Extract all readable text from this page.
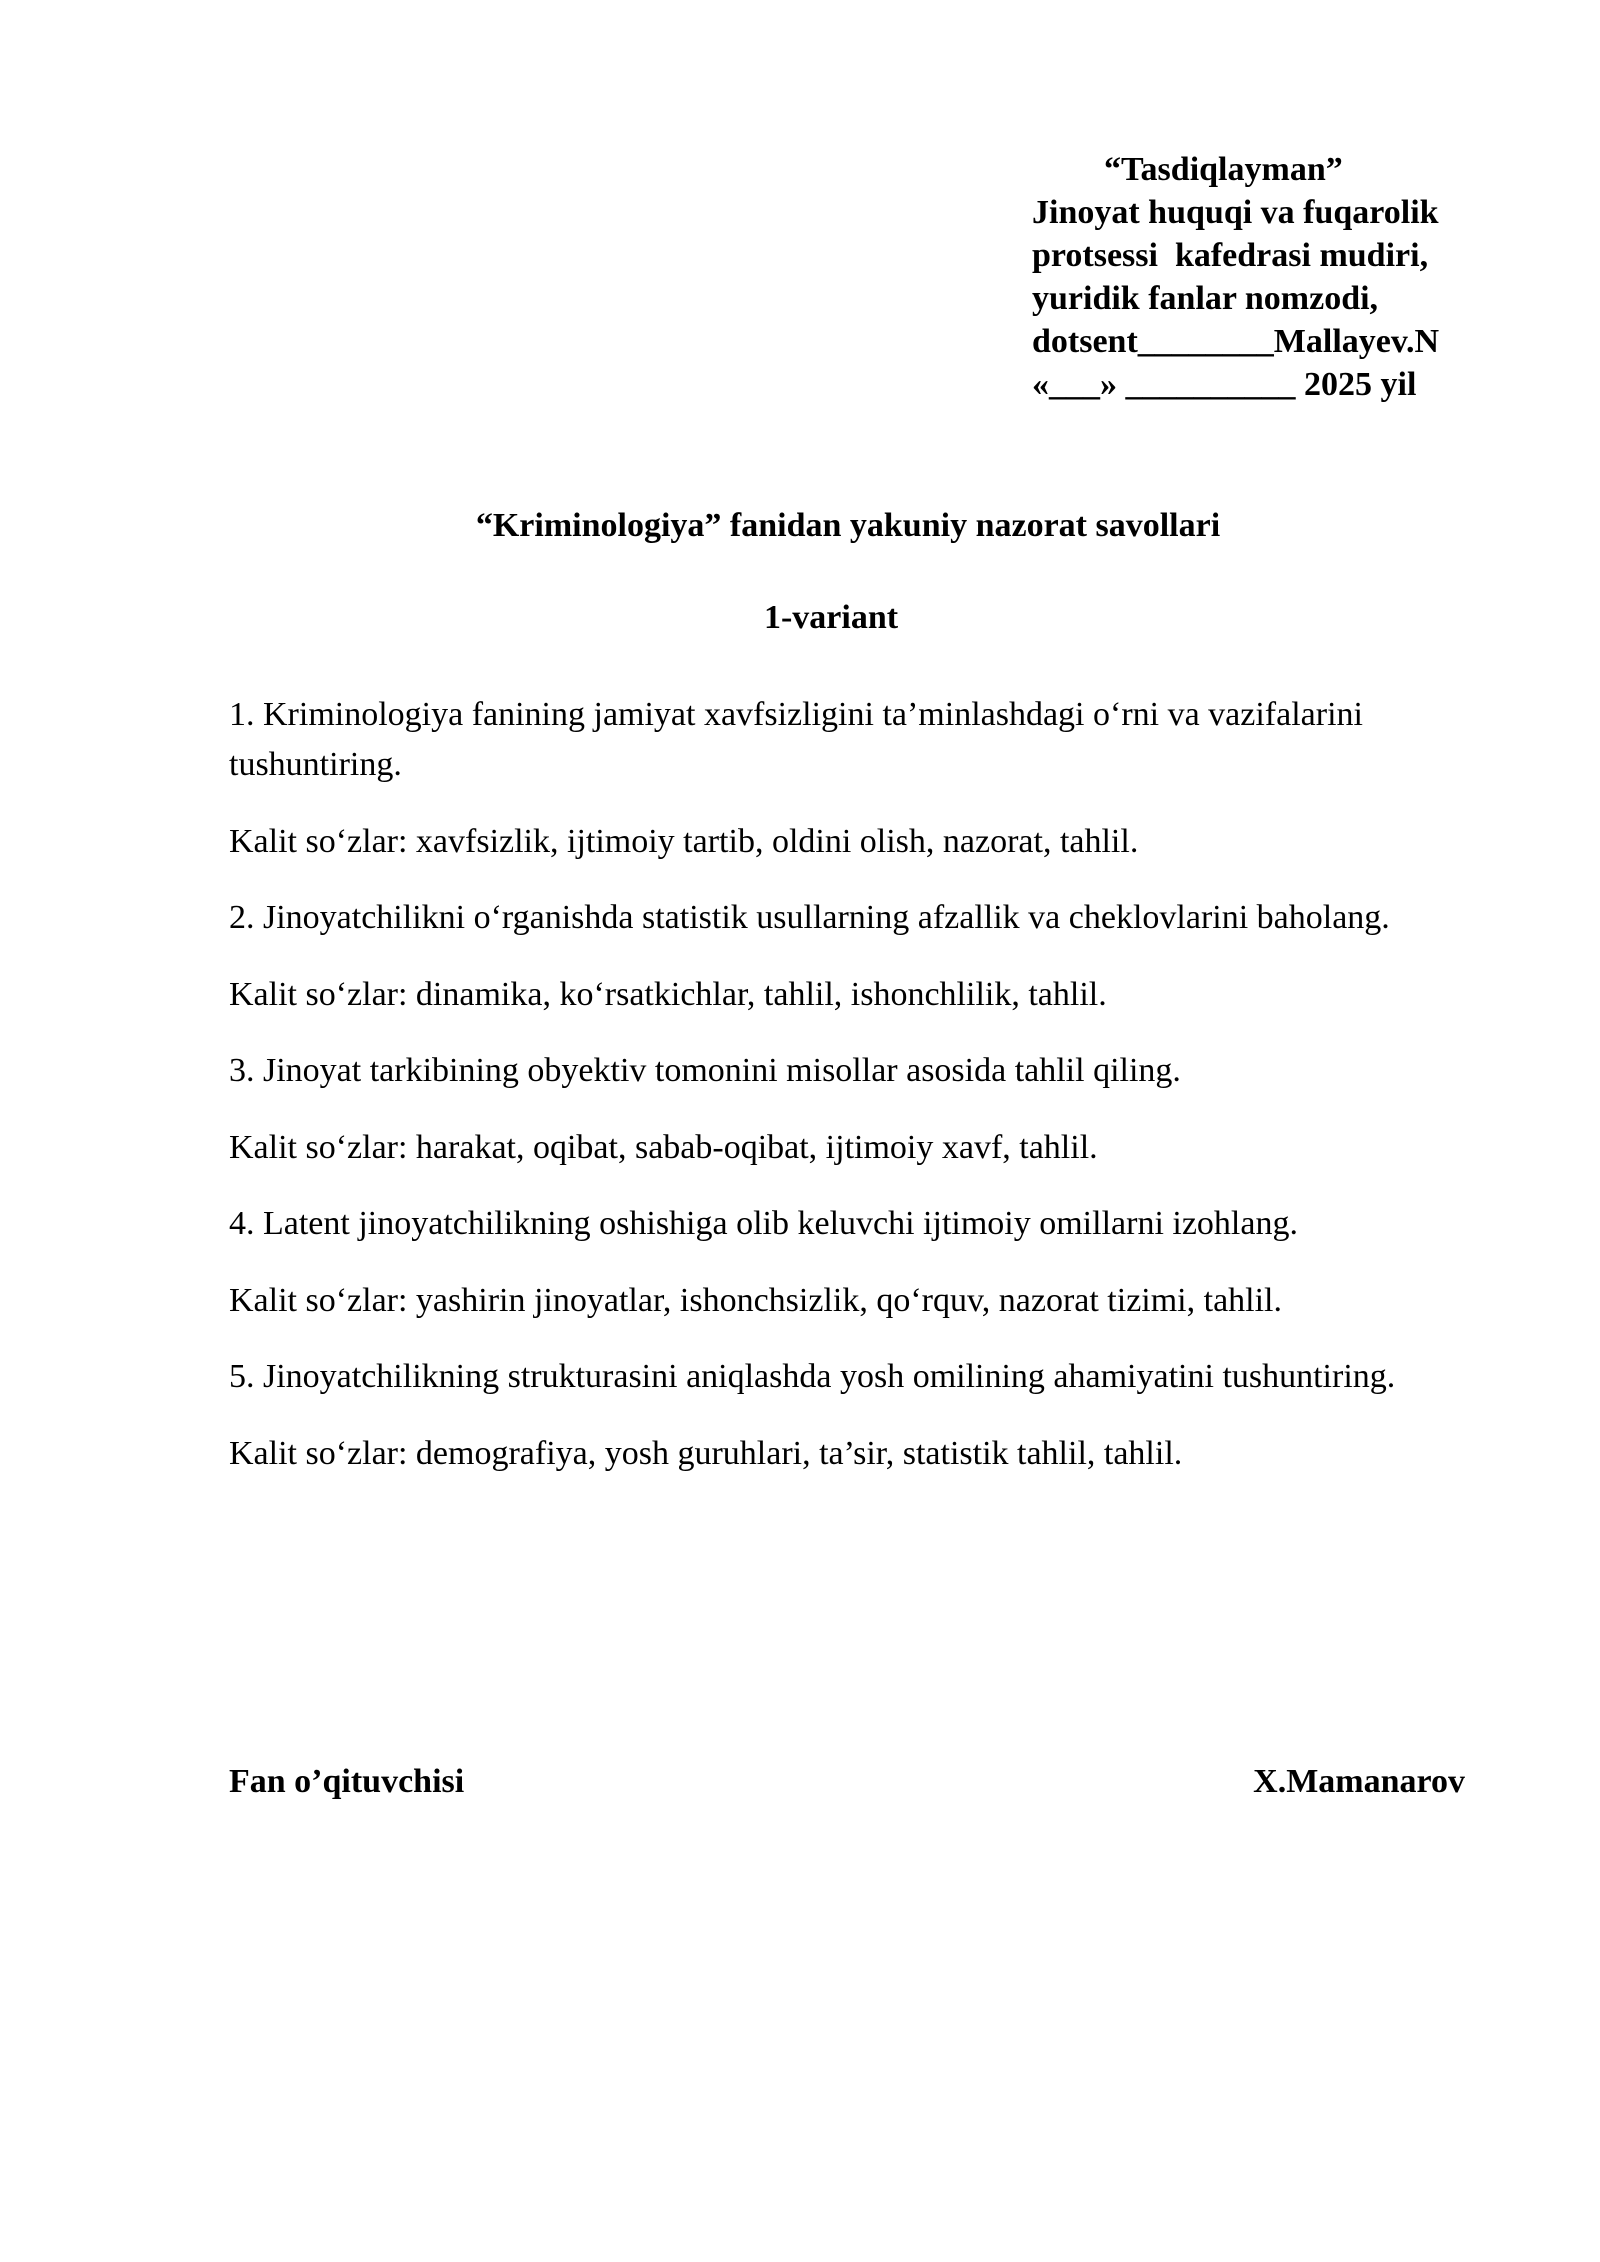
“Tasdiqlayman”
Jinoyat huquqi va fuqarolik
protsessi  kafedrasi mudiri,
yuridik fanlar nomzodi,
dotsent________Mallayev.N
«___» __________ 2025 yil
“Kriminologiya” fanidan yakuniy nazorat savollari
1-variant

1. Kriminologiya fanining jamiyat xavfsizligini ta’minlashdagi o‘rni va vazifalarini tushuntiring.

Kalit so‘zlar: xavfsizlik, ijtimoiy tartib, oldini olish, nazorat, tahlil.

2. Jinoyatchilikni o‘rganishda statistik usullarning afzallik va cheklovlarini baholang.

Kalit so‘zlar: dinamika, ko‘rsatkichlar, tahlil, ishonchlilik, tahlil.

3. Jinoyat tarkibining obyektiv tomonini misollar asosida tahlil qiling.

Kalit so‘zlar: harakat, oqibat, sabab-oqibat, ijtimoiy xavf, tahlil.

4. Latent jinoyatchilikning oshishiga olib keluvchi ijtimoiy omillarni izohlang.

Kalit so‘zlar: yashirin jinoyatlar, ishonchsizlik, qo‘rquv, nazorat tizimi, tahlil.

5. Jinoyatchilikning strukturasini aniqlashda yosh omilining ahamiyatini tushuntiring.

Kalit so‘zlar: demografiya, yosh guruhlari, ta’sir, statistik tahlil, tahlil.

Fan o’qituvchisi	X.Mamanarov
